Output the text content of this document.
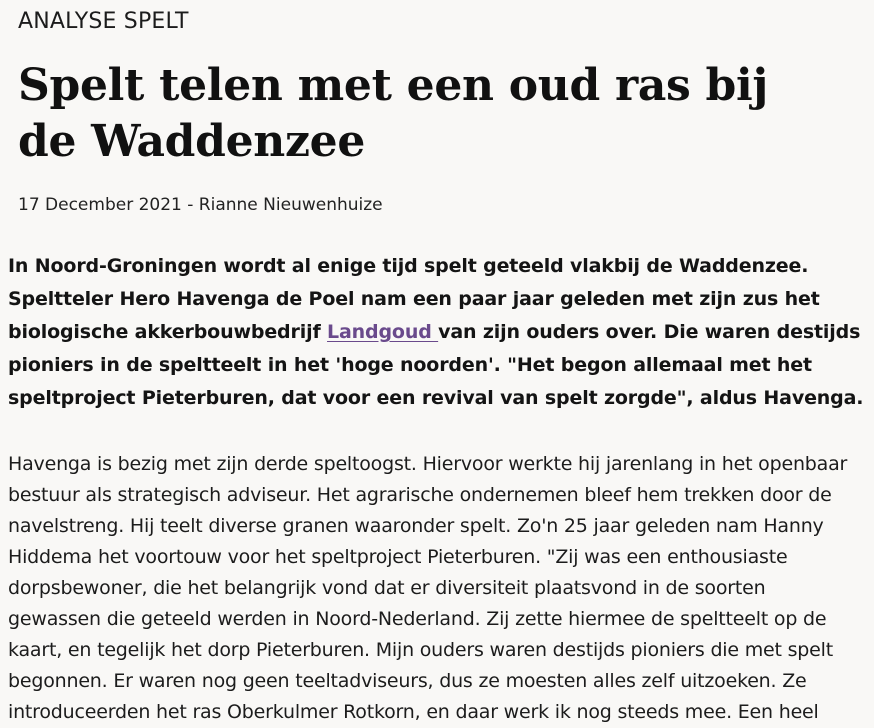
ANALYSE SPELT

Spelt telen met een oud ras bij de Waddenzee
17 December 2021 - Rianne Nieuwenhuize

In Noord-Groningen wordt al enige tijd spelt geteeld vlakbij de Waddenzee. Speltteler Hero Havenga de Poel nam een paar jaar geleden met zijn zus het biologische akkerbouwbedrijf Landgoud van zijn ouders over. Die waren destijds pioniers in de speltteelt in het 'hoge noorden'. "Het begon allemaal met het speltproject Pieterburen, dat voor een revival van spelt zorgde", aldus Havenga.

Havenga is bezig met zijn derde speltoogst. Hiervoor werkte hij jarenlang in het openbaar bestuur als strategisch adviseur. Het agrarische ondernemen bleef hem trekken door de navelstreng. Hij teelt diverse granen waaronder spelt. Zo'n 25 jaar geleden nam Hanny Hiddema het voortouw voor het speltproject Pieterburen. "Zij was een enthousiaste dorpsbewoner, die het belangrijk vond dat er diversiteit plaatsvond in de soorten gewassen die geteeld werden in Noord-Nederland. Zij zette hiermee de speltteelt op de kaart, en tegelijk het dorp Pieterburen. Mijn ouders waren destijds pioniers die met spelt begonnen. Er waren nog geen teeltadviseurs, dus ze moesten alles zelf uitzoeken. Ze introduceerden het ras Oberkulmer Rotkorn, en daar werk ik nog steeds mee. Een heel
